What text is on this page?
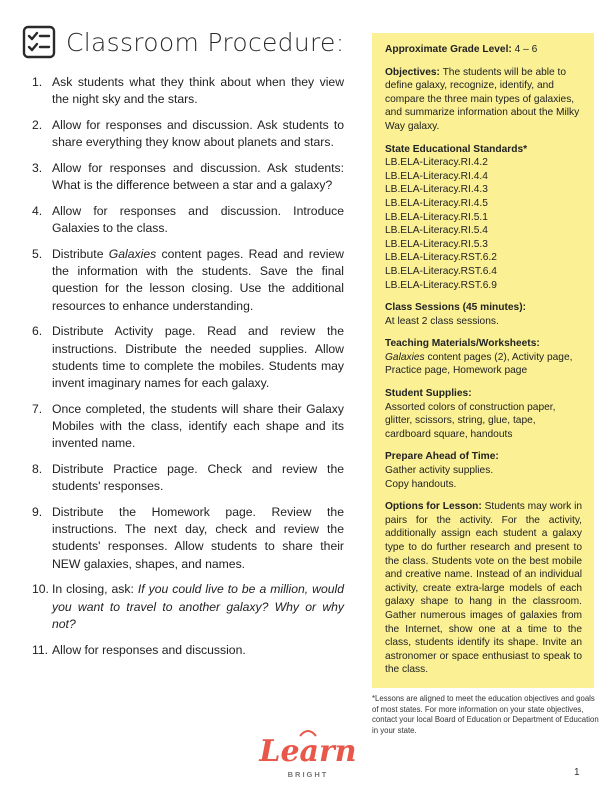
Classroom Procedure:
1. Ask students what they think about when they view the night sky and the stars.
2. Allow for responses and discussion. Ask students to share everything they know about planets and stars.
3. Allow for responses and discussion. Ask students: What is the difference between a star and a galaxy?
4. Allow for responses and discussion. Introduce Galaxies to the class.
5. Distribute Galaxies content pages. Read and review the information with the students. Save the final question for the lesson closing. Use the additional resources to enhance understanding.
6. Distribute Activity page. Read and review the instructions. Distribute the needed supplies. Allow students time to complete the mobiles. Students may invent imaginary names for each galaxy.
7. Once completed, the students will share their Galaxy Mobiles with the class, identify each shape and its invented name.
8. Distribute Practice page. Check and review the students' responses.
9. Distribute the Homework page. Review the instructions. The next day, check and review the students' responses. Allow students to share their NEW galaxies, shapes, and names.
10. In closing, ask: If you could live to be a million, would you want to travel to another galaxy? Why or why not?
11. Allow for responses and discussion.
Approximate Grade Level: 4 – 6
Objectives: The students will be able to define galaxy, recognize, identify, and compare the three main types of galaxies, and summarize information about the Milky Way galaxy.
State Educational Standards*
LB.ELA-Literacy.RI.4.2
LB.ELA-Literacy.RI.4.4
LB.ELA-Literacy.RI.4.3
LB.ELA-Literacy.RI.4.5
LB.ELA-Literacy.RI.5.1
LB.ELA-Literacy.RI.5.4
LB.ELA-Literacy.RI.5.3
LB.ELA-Literacy.RST.6.2
LB.ELA-Literacy.RST.6.4
LB.ELA-Literacy.RST.6.9
Class Sessions (45 minutes):
At least 2 class sessions.
Teaching Materials/Worksheets:
Galaxies content pages (2), Activity page, Practice page, Homework page
Student Supplies:
Assorted colors of construction paper, glitter, scissors, string, glue, tape, cardboard square, handouts
Prepare Ahead of Time:
Gather activity supplies.
Copy handouts.
Options for Lesson: Students may work in pairs for the activity. For the activity, additionally assign each student a galaxy type to do further research and present to the class. Students vote on the best mobile and creative name. Instead of an individual activity, create extra-large models of each galaxy shape to hang in the classroom. Gather numerous images of galaxies from the Internet, show one at a time to the class, students identify its shape. Invite an astronomer or space enthusiast to speak to the class.
*Lessons are aligned to meet the education objectives and goals of most states. For more information on your state objectives, contact your local Board of Education or Department of Education in your state.
Learn
BRIGHT	1
